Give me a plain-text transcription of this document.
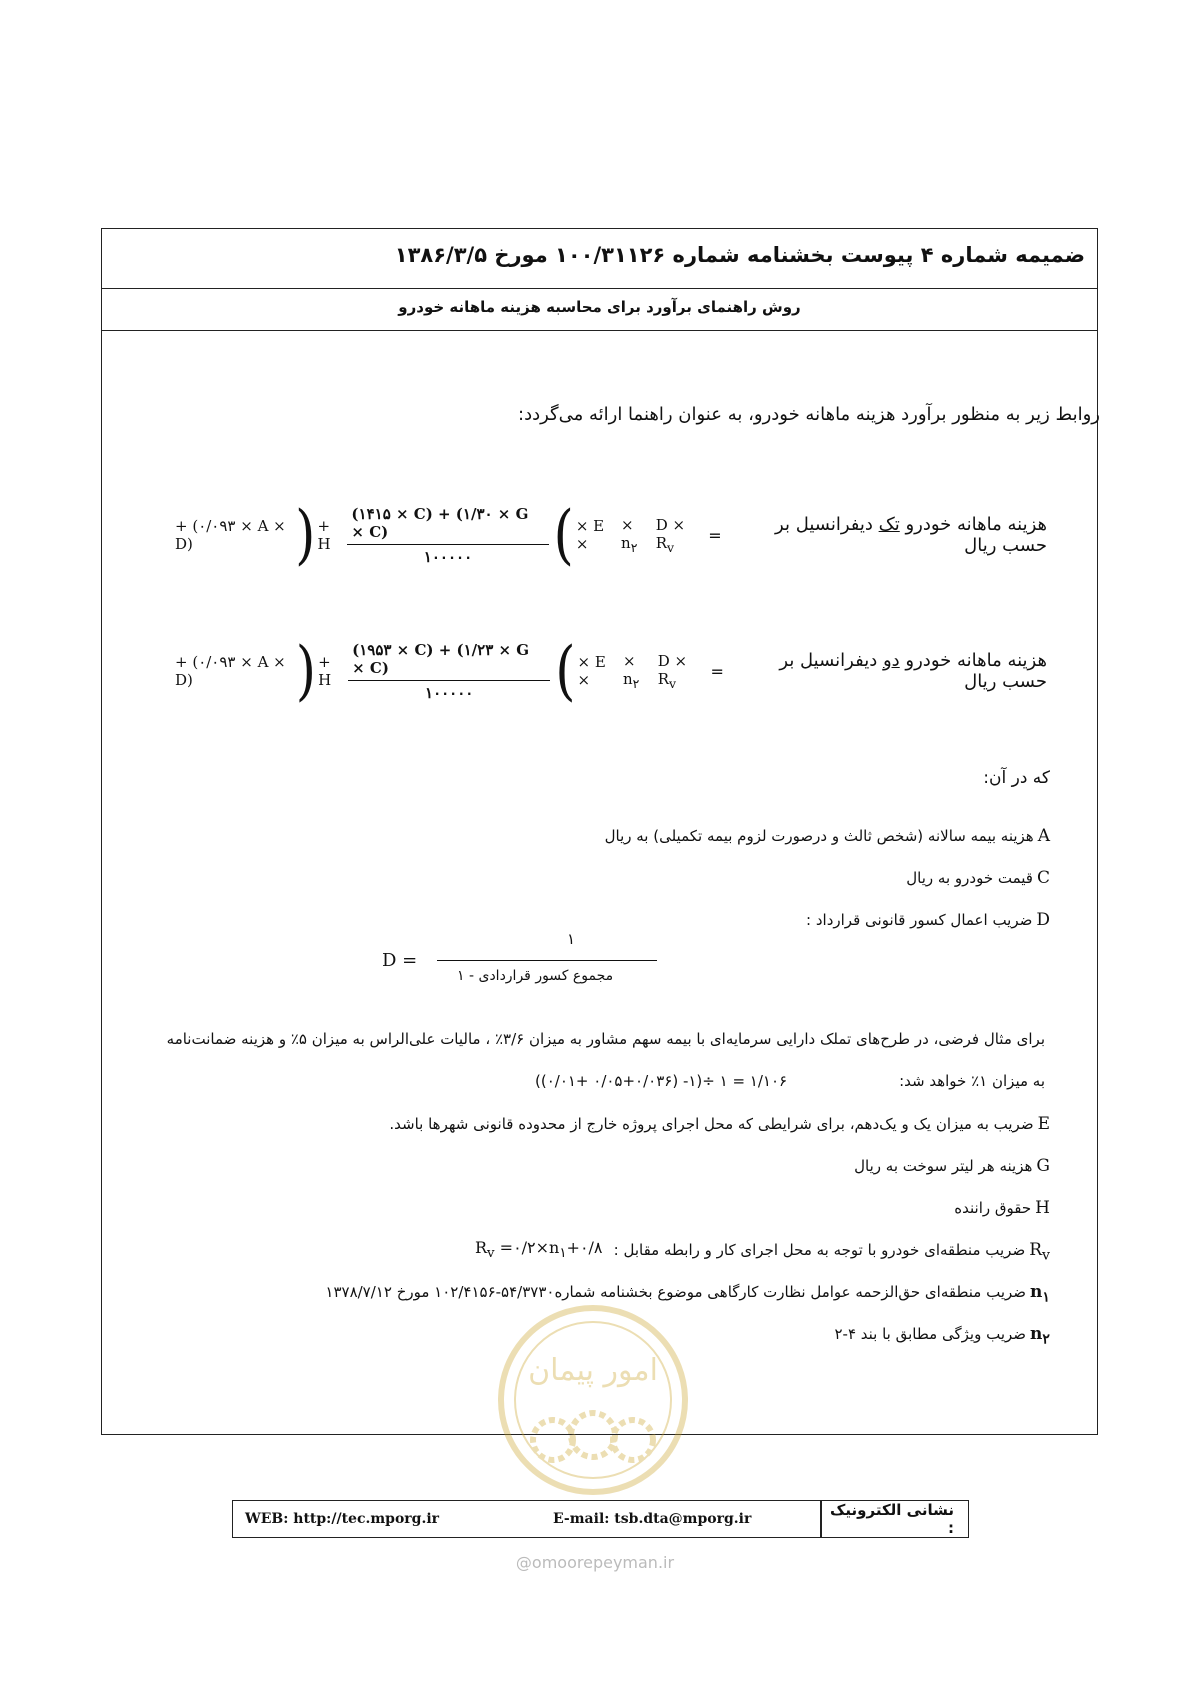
ضمیمه شماره ۴ پیوست بخشنامه شماره ۱۰۰/۳۱۱۲۶ مورخ ۱۳۸۶/۳/۵
روش راهنمای برآورد برای محاسبه هزینه ماهانه خودرو
روابط زیر به منظور برآورد هزینه ماهانه خودرو، به عنوان راهنما ارائه می‌گردد:
+ (۰/۰۹۳ × A × D)	) + H	$\frac{(۱۴۱۵ \times C) + (۱/۳۰ \times G \times C)}{۱۰۰۰۰۰}$ ( × E ×

× $n_۲$

$D \times R_v$
=	هزینه ماهانه خودرو تک دیفرانسیل بر حسب ریال
+ (۰/۰۹۳ × A × D)	) + H	$\frac{(۱۹۵۳ \times C) + (۱/۲۳ \times G \times C)}{۱۰۰۰۰۰}$ ( × E ×

× $n_۲$

$D \times R_v$
=	هزینه ماهانه خودرو دو دیفرانسیل بر حسب ریال
که در آن:
Aهزینه بیمه سالانه (شخص ثالث و درصورت لزوم بیمه تکمیلی) به ریال
Cقیمت خودرو به ریال
Dضریب اعمال کسور قانونی قرارداد :
D =
۱
مجموع کسور قراردادی - ۱
برای مثال فرضی، در طرح‌های تملک دارایی سرمایه‌ای با بیمه سهم مشاور به میزان ۳/۶٪ ، مالیات علی‌الراس به میزان ۵٪ و هزینه ضمانت‌نامه
به میزان ۱٪ خواهد شد:
((۰/۰۱+ ۰/۰۵+۰/۰۳۶) -۱)÷ ۱ = ۱/۱۰۶
Eضریب به میزان یک و یک‌دهم، برای شرایطی که محل اجرای پروژه خارج از محدوده قانونی شهرها باشد.
Gهزینه هر لیتر سوخت به ریال
Hحقوق راننده
$R_vضریب$ منطقه‌ای خودرو با توجه به محل اجرای کار و رابطه مقابل :
$R_v$ $=۰/۲\times n_۱+۰/۸$
$n_۱ضریب$ منطقه‌ای حق‌الزحمه عوامل نظارت کارگاهی موضوع بخشنامه شماره۵۴/۳۷۳۰-۱۰۲/۴۱۵۶ مورخ ۱۳۷۸/۷/۱۲
$n_۲ضریب$ ویژگی مطابق با بند ۴-۲
امور پیمان
WEB: http://tec.mporg.ir	E-mail: tsb.dta@mporg.ir	نشانی الکترونیک :
@omoorepeyman.ir
